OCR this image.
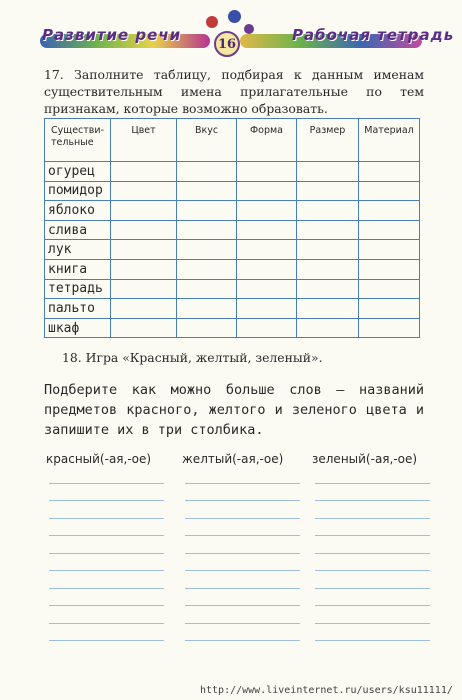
Развитие речи	Рабочая тетрадь
16
17. Заполните таблицу, подбирая к данным именам существительным имена прилагательные по тем признакам, которые возможно образовать.
Существи-тельные	Цвет	Вкус	Форма	Размер	Материал
огурец					
помидор					
яблоко					
слива					
лук					
книга					
тетрадь					
пальто					
шкаф					
18. Игра «Красный, желтый, зеленый».
Подберите как можно больше слов — названий предметов красного, желтого и зеленого цвета и запишите их в три столбика.
красный(-ая,-ое)	желтый(-ая,-ое)	зеленый(-ая,-ое)
http://www.liveinternet.ru/users/ksu11111/
